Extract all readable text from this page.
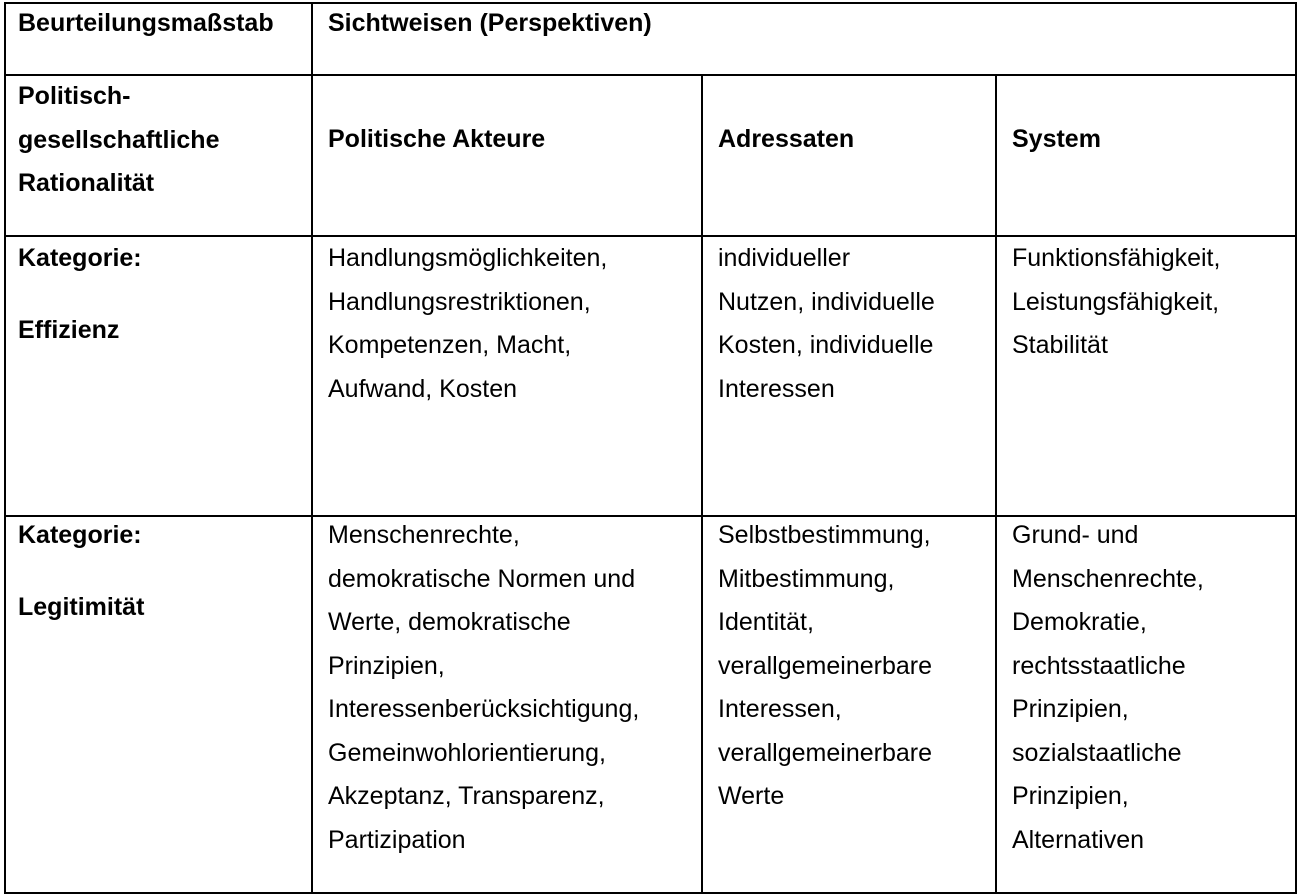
Beurteilungsmaßstab Sichtweisen (Perspektiven)
Politisch-
gesellschaftliche
Rationalität
Politische Akteure	Adressaten	System
Kategorie:
Effizienz
Handlungsmöglichkeiten,
Handlungsrestriktionen,
Kompetenzen, Macht,
Aufwand, Kosten
individueller
Nutzen, individuelle
Kosten, individuelle
Interessen
Funktionsfähigkeit,
Leistungsfähigkeit,
Stabilität
Kategorie:
Legitimität
Menschenrechte,
demokratische Normen und
Werte, demokratische
Prinzipien,
Interessenberücksichtigung,
Gemeinwohlorientierung,
Akzeptanz, Transparenz,
Partizipation
Selbstbestimmung,
Mitbestimmung,
Identität,
verallgemeinerbare
Interessen,
verallgemeinerbare
Werte
Grund- und
Menschenrechte,
Demokratie,
rechtsstaatliche
Prinzipien,
sozialstaatliche
Prinzipien,
Alternativen
